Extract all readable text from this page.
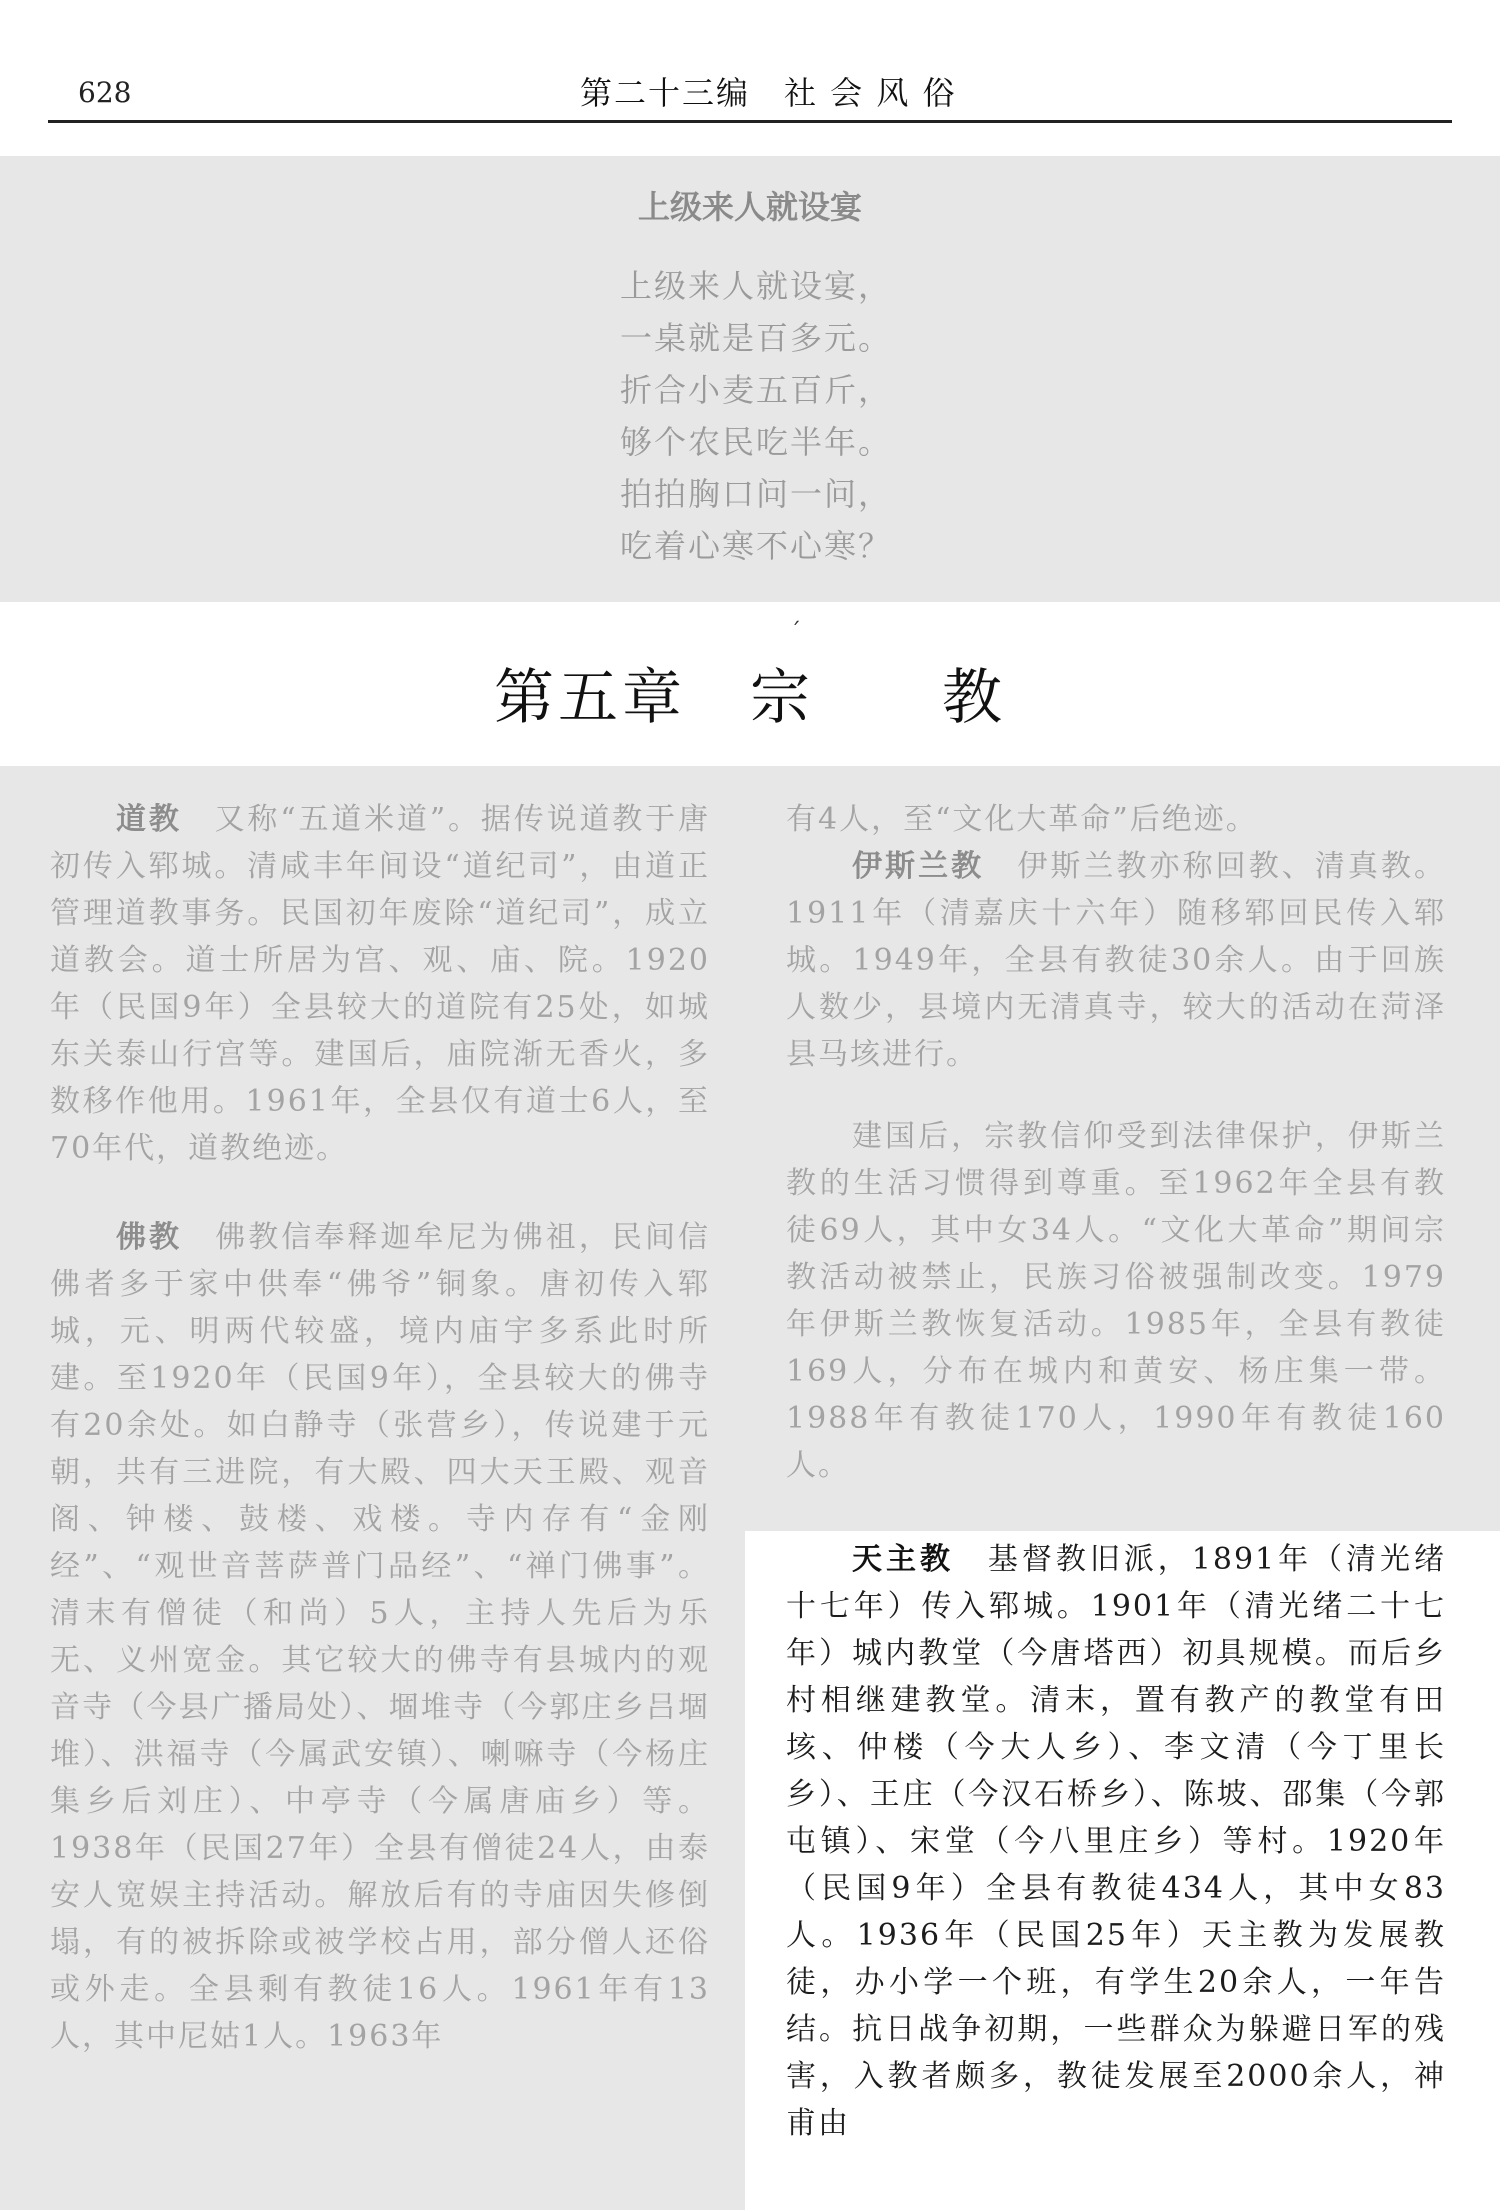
628	第二十三编　社 会 风 俗
上级来人就设宴
上级来人就设宴，
一桌就是百多元。
折合小麦五百斤，
够个农民吃半年。
拍拍胸口问一问，
吃着心寒不心寒？
ˊ
第五章　宗　　教
道教　 又称“五道米道”。据传说道教于唐初传入郓城。清咸丰年间设“道纪司”，由道正管理道教事务。民国初年废除“道纪司”，成立道教会。道士所居为宫、观、庙、院。1920年（民国9年）全县较大的道院有25处，如城东关泰山行宫等。建国后，庙院渐无香火，多数移作他用。1961年，全县仅有道士6人，至70年代，道教绝迹。
佛教　 佛教信奉释迦牟尼为佛祖，民间信佛者多于家中供奉“佛爷”铜象。唐初传入郓城，元、明两代较盛，境内庙宇多系此时所建。至1920年（民国9年），全县较大的佛寺有20余处。如白静寺（张营乡），传说建于元朝，共有三进院，有大殿、四大天王殿、观音阁、钟楼、鼓楼、戏楼。寺内存有“金刚经”、“观世音菩萨普门品经”、“禅门佛事”。清末有僧徒（和尚）5人，主持人先后为乐无、义州宽金。其它较大的佛寺有县城内的观音寺（今县广播局处）、堌堆寺（今郭庄乡吕堌堆）、洪福寺（今属武安镇）、喇嘛寺（今杨庄集乡后刘庄）、中亭寺（今属唐庙乡）等。1938年（民国27年）全县有僧徒24人，由泰安人宽娱主持活动。解放后有的寺庙因失修倒塌，有的被拆除或被学校占用，部分僧人还俗或外走。全县剩有教徒16人。1961年有13人，其中尼姑1人。1963年
有4人，至“文化大革命”后绝迹。
伊斯兰教　 伊斯兰教亦称回教、清真教。1911年（清嘉庆十六年）随移郓回民传入郓城。1949年，全县有教徒30余人。由于回族人数少，县境内无清真寺，较大的活动在菏泽县马垓进行。
建国后，宗教信仰受到法律保护，伊斯兰教的生活习惯得到尊重。至1962年全县有教徒69人，其中女34人。“文化大革命”期间宗教活动被禁止，民族习俗被强制改变。1979年伊斯兰教恢复活动。1985年，全县有教徒169人，分布在城内和黄安、杨庄集一带。1988年有教徒170人，1990年有教徒160人。
天主教　 基督教旧派，1891年（清光绪十七年）传入郓城。1901年（清光绪二十七年）城内教堂（今唐塔西）初具规模。而后乡村相继建教堂。清末，置有教产的教堂有田垓、仲楼（今大人乡）、李文清（今丁里长乡）、王庄（今汉石桥乡）、陈坡、邵集（今郭屯镇）、宋堂（今八里庄乡）等村。1920年（民国9年）全县有教徒434人，其中女83人。1936年（民国25年）天主教为发展教徒，办小学一个班，有学生20余人，一年告结。抗日战争初期，一些群众为躲避日军的残害，入教者颇多，教徒发展至2000余人，神甫由
